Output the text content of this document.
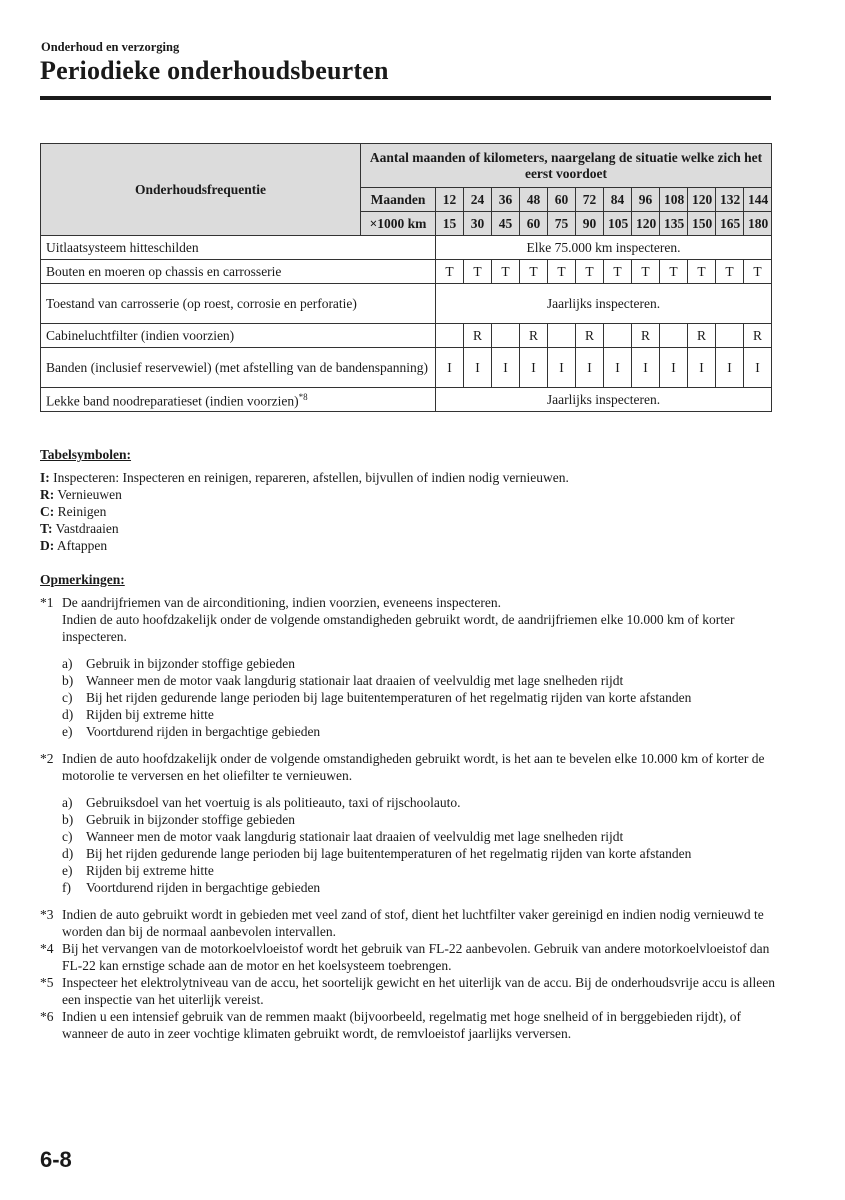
Onderhoud en verzorging
Periodieke onderhoudsbeurten
Onderhoudsfrequentie	Aantal maanden of kilometers, naargelang de situatie welke zich het eerst voordoet												
	Maanden	12	24	36	48	60	72	84	96	108	120	132	144
	×1000 km	15	30	45	60	75	90	105	120	135	150	165	180
Uitlaatsysteem hitteschilden		Elke 75.000 km inspecteren.											
Bouten en moeren op chassis en carrosserie		T	T	T	T	T	T	T	T	T	T	T	T
Toestand van carrosserie (op roest, corrosie en perforatie)		Jaarlijks inspecteren.											
Cabineluchtfilter (indien voorzien)			R		R		R		R		R		R
Banden (inclusief reservewiel) (met afstelling van de bandenspanning)		I	I	I	I	I	I	I	I	I	I	I	I
Lekke band noodreparatieset (indien voorzien)$^{*8}$		Jaarlijks inspecteren.											
Tabelsymbolen:
I: Inspecteren: Inspecteren en reinigen, repareren, afstellen, bijvullen of indien nodig vernieuwen.
R: Vernieuwen
C: Reinigen
T: Vastdraaien
D: Aftappen
Opmerkingen:
*1 De aandrijfriemen van de airconditioning, indien voorzien, eveneens inspecteren.
Indien de auto hoofdzakelijk onder de volgende omstandigheden gebruikt wordt, de aandrijfriemen elke 10.000 km of korter inspecteren.
a) Gebruik in bijzonder stoffige gebieden
b) Wanneer men de motor vaak langdurig stationair laat draaien of veelvuldig met lage snelheden rijdt
c) Bij het rijden gedurende lange perioden bij lage buitentemperaturen of het regelmatig rijden van korte afstanden
d) Rijden bij extreme hitte
e) Voortdurend rijden in bergachtige gebieden
*2 Indien de auto hoofdzakelijk onder de volgende omstandigheden gebruikt wordt, is het aan te bevelen elke 10.000 km of korter de motorolie te verversen en het oliefilter te vernieuwen.
a) Gebruiksdoel van het voertuig is als politieauto, taxi of rijschoolauto.
b) Gebruik in bijzonder stoffige gebieden
c) Wanneer men de motor vaak langdurig stationair laat draaien of veelvuldig met lage snelheden rijdt
d) Bij het rijden gedurende lange perioden bij lage buitentemperaturen of het regelmatig rijden van korte afstanden
e) Rijden bij extreme hitte
f) Voortdurend rijden in bergachtige gebieden
*3 Indien de auto gebruikt wordt in gebieden met veel zand of stof, dient het luchtfilter vaker gereinigd en indien nodig vernieuwd te worden dan bij de normaal aanbevolen intervallen.
*4 Bij het vervangen van de motorkoelvloeistof wordt het gebruik van FL-22 aanbevolen. Gebruik van andere motorkoelvloeistof dan FL-22 kan ernstige schade aan de motor en het koelsysteem toebrengen.
*5 Inspecteer het elektrolytniveau van de accu, het soortelijk gewicht en het uiterlijk van de accu. Bij de onderhoudsvrije accu is alleen een inspectie van het uiterlijk vereist.
*6 Indien u een intensief gebruik van de remmen maakt (bijvoorbeeld, regelmatig met hoge snelheid of in berggebieden rijdt), of wanneer de auto in zeer vochtige klimaten gebruikt wordt, de remvloeistof jaarlijks verversen.
6-8
